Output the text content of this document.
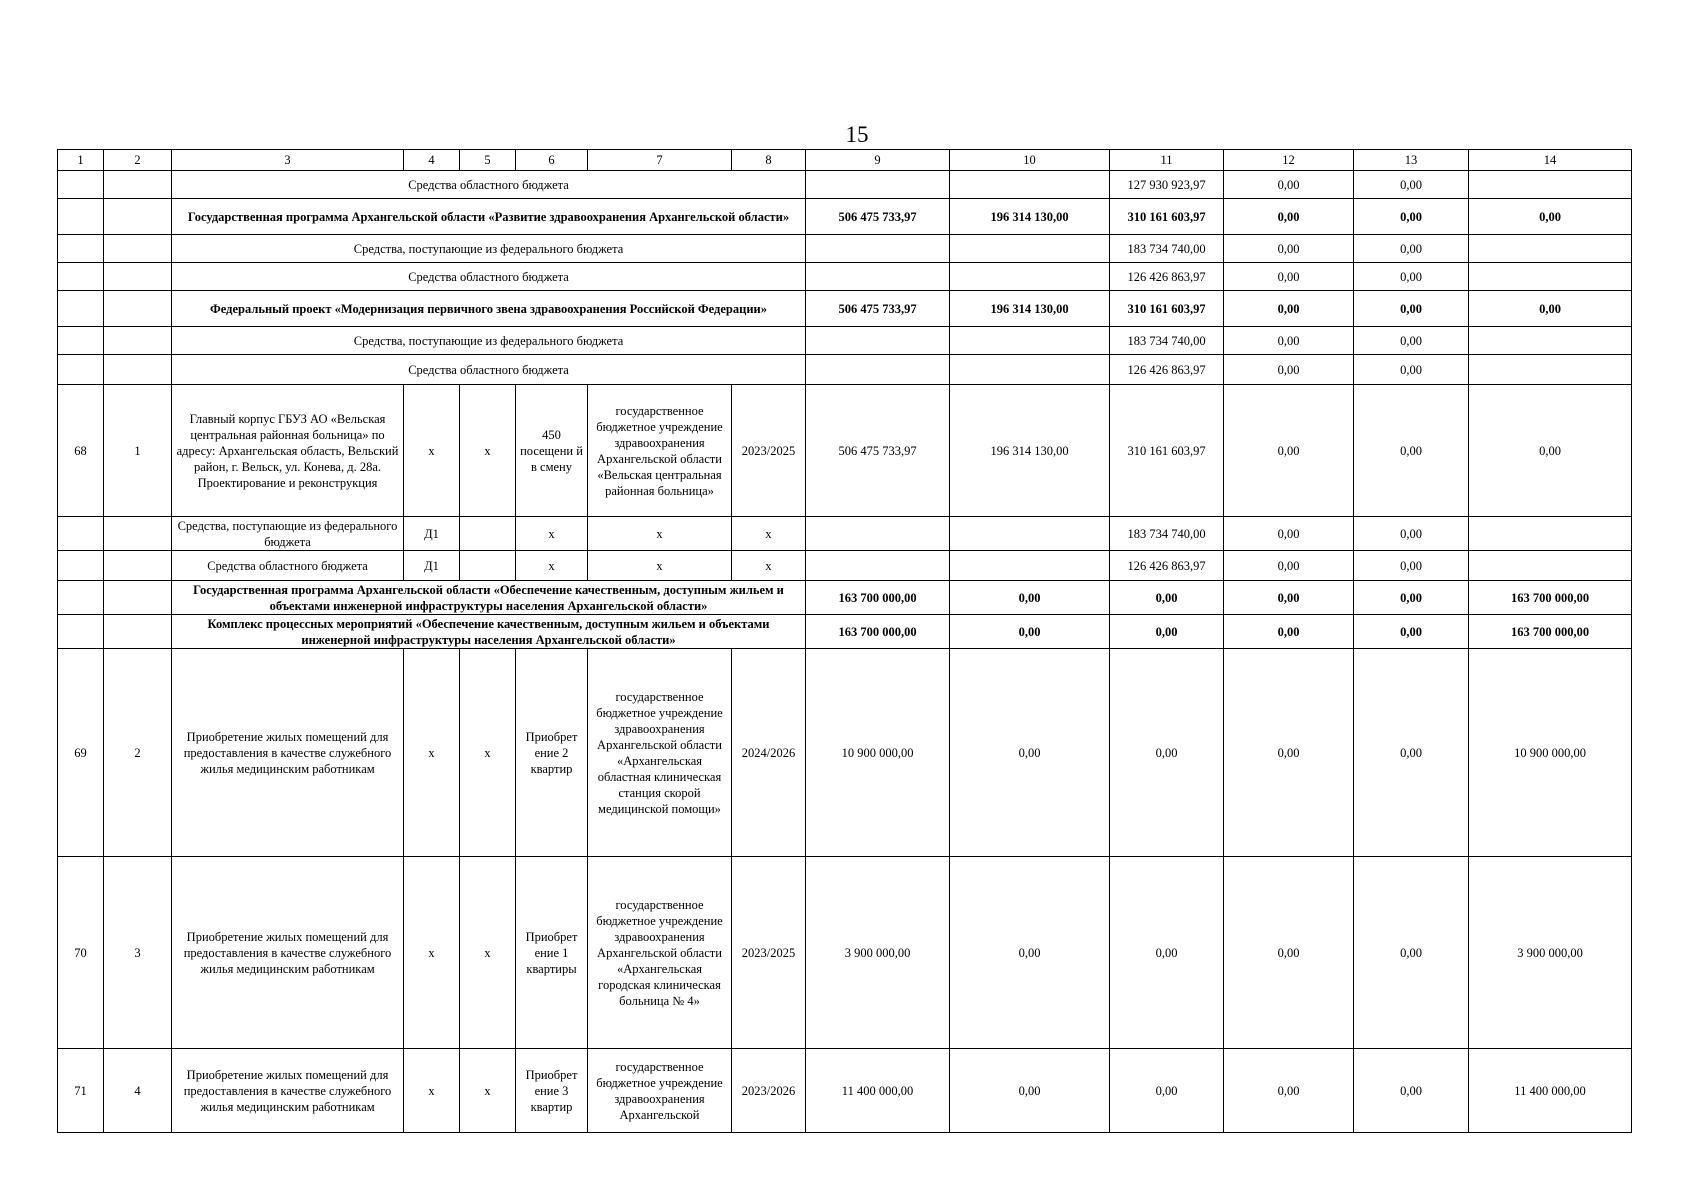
15
1	2	3	4	5	6	7	8	9	10	11	12	13	14
		Средства областного бюджета								127 930 923,97	0,00	0,00	
		Государственная программа Архангельской области «Развитие здравоохранения Архангельской области»						506 475 733,97	196 314 130,00	310 161 603,97	0,00	0,00	0,00
		Средства, поступающие из федерального бюджета								183 734 740,00	0,00	0,00	
		Средства областного бюджета								126 426 863,97	0,00	0,00	
		Федеральный проект «Модернизация первичного звена здравоохранения Российской Федерации»						506 475 733,97	196 314 130,00	310 161 603,97	0,00	0,00	0,00
		Средства, поступающие из федерального бюджета								183 734 740,00	0,00	0,00	
		Средства областного бюджета								126 426 863,97	0,00	0,00	
68	1	Главный корпус ГБУЗ АО «Вельская центральная районная больница» по адресу: Архангельская область, Вельский район, г. Вельск, ул. Конева, д. 28а. Проектирование и реконструкция	х	х	450 посещени й в смену	государственное бюджетное учреждение здравоохранения Архангельской области «Вельская центральная районная больница»	2023/2025	506 475 733,97	196 314 130,00	310 161 603,97	0,00	0,00	0,00
		Средства, поступающие из федерального бюджета	Д1		х	х	х			183 734 740,00	0,00	0,00	
		Средства областного бюджета	Д1		х	х	х			126 426 863,97	0,00	0,00	
		Государственная программа Архангельской области «Обеспечение качественным, доступным жильем и объектами инженерной инфраструктуры населения Архангельской области»						163 700 000,00	0,00	0,00	0,00	0,00	163 700 000,00
		Комплекс процессных мероприятий «Обеспечение качественным, доступным жильем и объектами инженерной инфраструктуры населения Архангельской области»						163 700 000,00	0,00	0,00	0,00	0,00	163 700 000,00
69	2	Приобретение жилых помещений для предоставления в качестве служебного жилья медицинским работникам	х	х	Приобрет ение 2 квартир	государственное бюджетное учреждение здравоохранения Архангельской области «Архангельская областная клиническая станция скорой медицинской помощи»	2024/2026	10 900 000,00	0,00	0,00	0,00	0,00	10 900 000,00
70	3	Приобретение жилых помещений для предоставления в качестве служебного жилья медицинским работникам	х	х	Приобрет ение 1 квартиры	государственное бюджетное учреждение здравоохранения Архангельской области «Архангельская городская клиническая больница № 4»	2023/2025	3 900 000,00	0,00	0,00	0,00	0,00	3 900 000,00
71	4	Приобретение жилых помещений для предоставления в качестве служебного жилья медицинским работникам	х	х	Приобрет ение 3 квартир	государственное бюджетное учреждение здравоохранения Архангельской	2023/2026	11 400 000,00	0,00	0,00	0,00	0,00	11 400 000,00
